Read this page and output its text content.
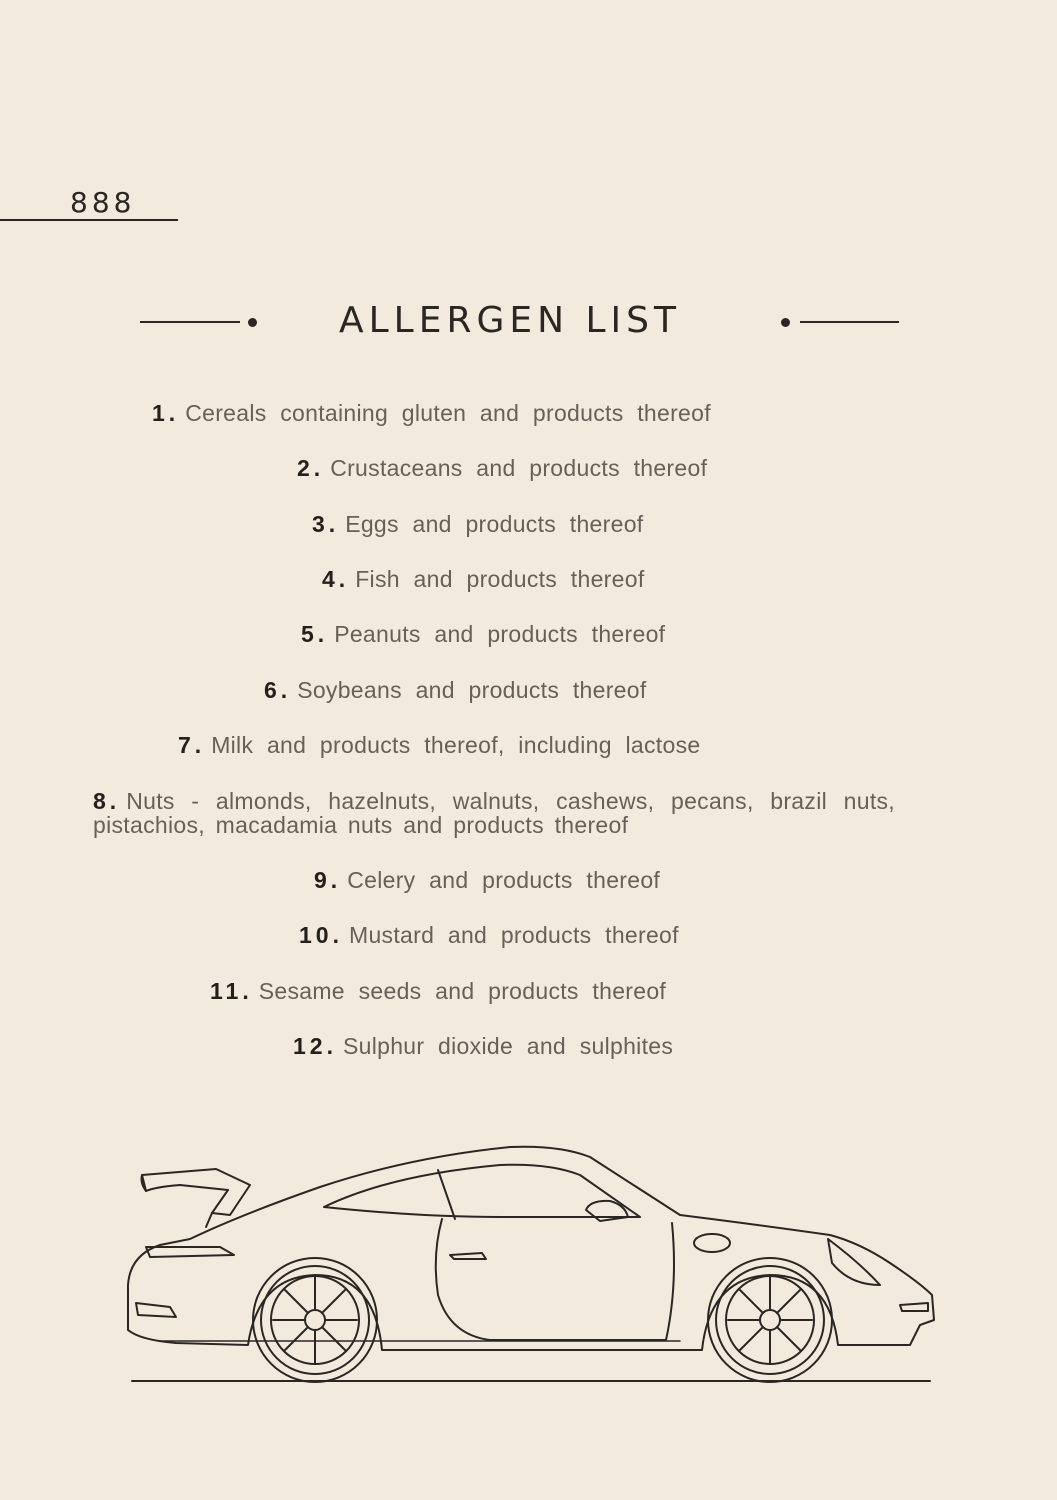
888
ALLERGEN LIST
1. Cereals containing gluten and products thereof
2. Crustaceans and products thereof
3. Eggs and products thereof
4. Fish and products thereof
5. Peanuts and products thereof
6. Soybeans and products thereof
7. Milk and products thereof, including lactose
8. Nuts - almonds, hazelnuts, walnuts, cashews, pecans, brazil nuts, pistachios, macadamia nuts and products thereof
9. Celery and products thereof
10. Mustard and products thereof
11. Sesame seeds and products thereof
12. Sulphur dioxide and sulphites
